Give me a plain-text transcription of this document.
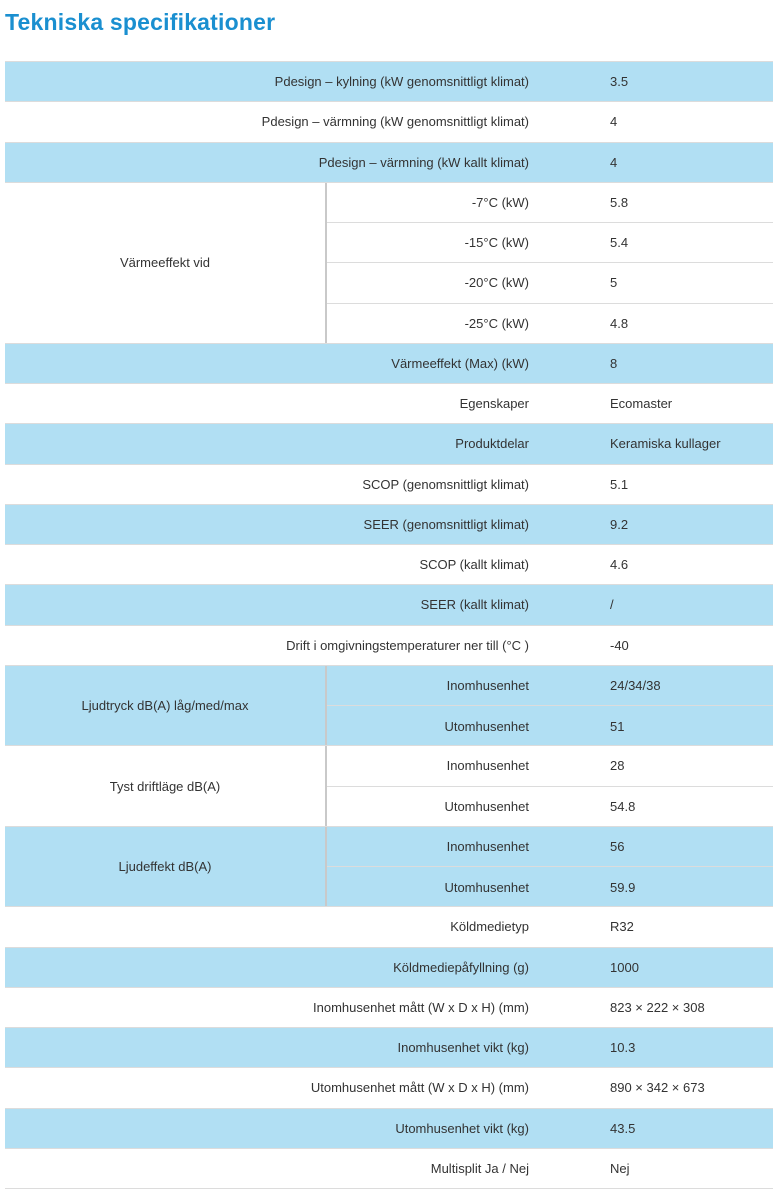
Tekniska specifikationer
Pdesign – kylning (kW genomsnittligt klimat)	3.5
Pdesign – värmning (kW genomsnittligt klimat)	4
Pdesign – värmning (kW kallt klimat)	4
Värmeeffekt vid
-7°C (kW)	5.8
-15°C (kW)	5.4
-20°C (kW)	5
-25°C (kW)	4.8
Värmeeffekt (Max) (kW)	8
Egenskaper	Ecomaster
Produktdelar	Keramiska kullager
SCOP (genomsnittligt klimat)	5.1
SEER (genomsnittligt klimat)	9.2
SCOP (kallt klimat)	4.6
SEER (kallt klimat)	/
Drift i omgivningstemperaturer ner till (°C )	-40
Ljudtryck dB(A) låg/med/max
Inomhusenhet	24/34/38
Utomhusenhet	51
Tyst driftläge dB(A)
Inomhusenhet	28
Utomhusenhet	54.8
Ljudeffekt dB(A)
Inomhusenhet	56
Utomhusenhet	59.9
Köldmedietyp	R32
Köldmediepåfyllning (g)	1000
Inomhusenhet mått (W x D x H) (mm)	823 × 222 × 308
Inomhusenhet vikt (kg)	10.3
Utomhusenhet mått (W x D x H) (mm)	890 × 342 × 673
Utomhusenhet vikt (kg)	43.5
Multisplit Ja / Nej	Nej
